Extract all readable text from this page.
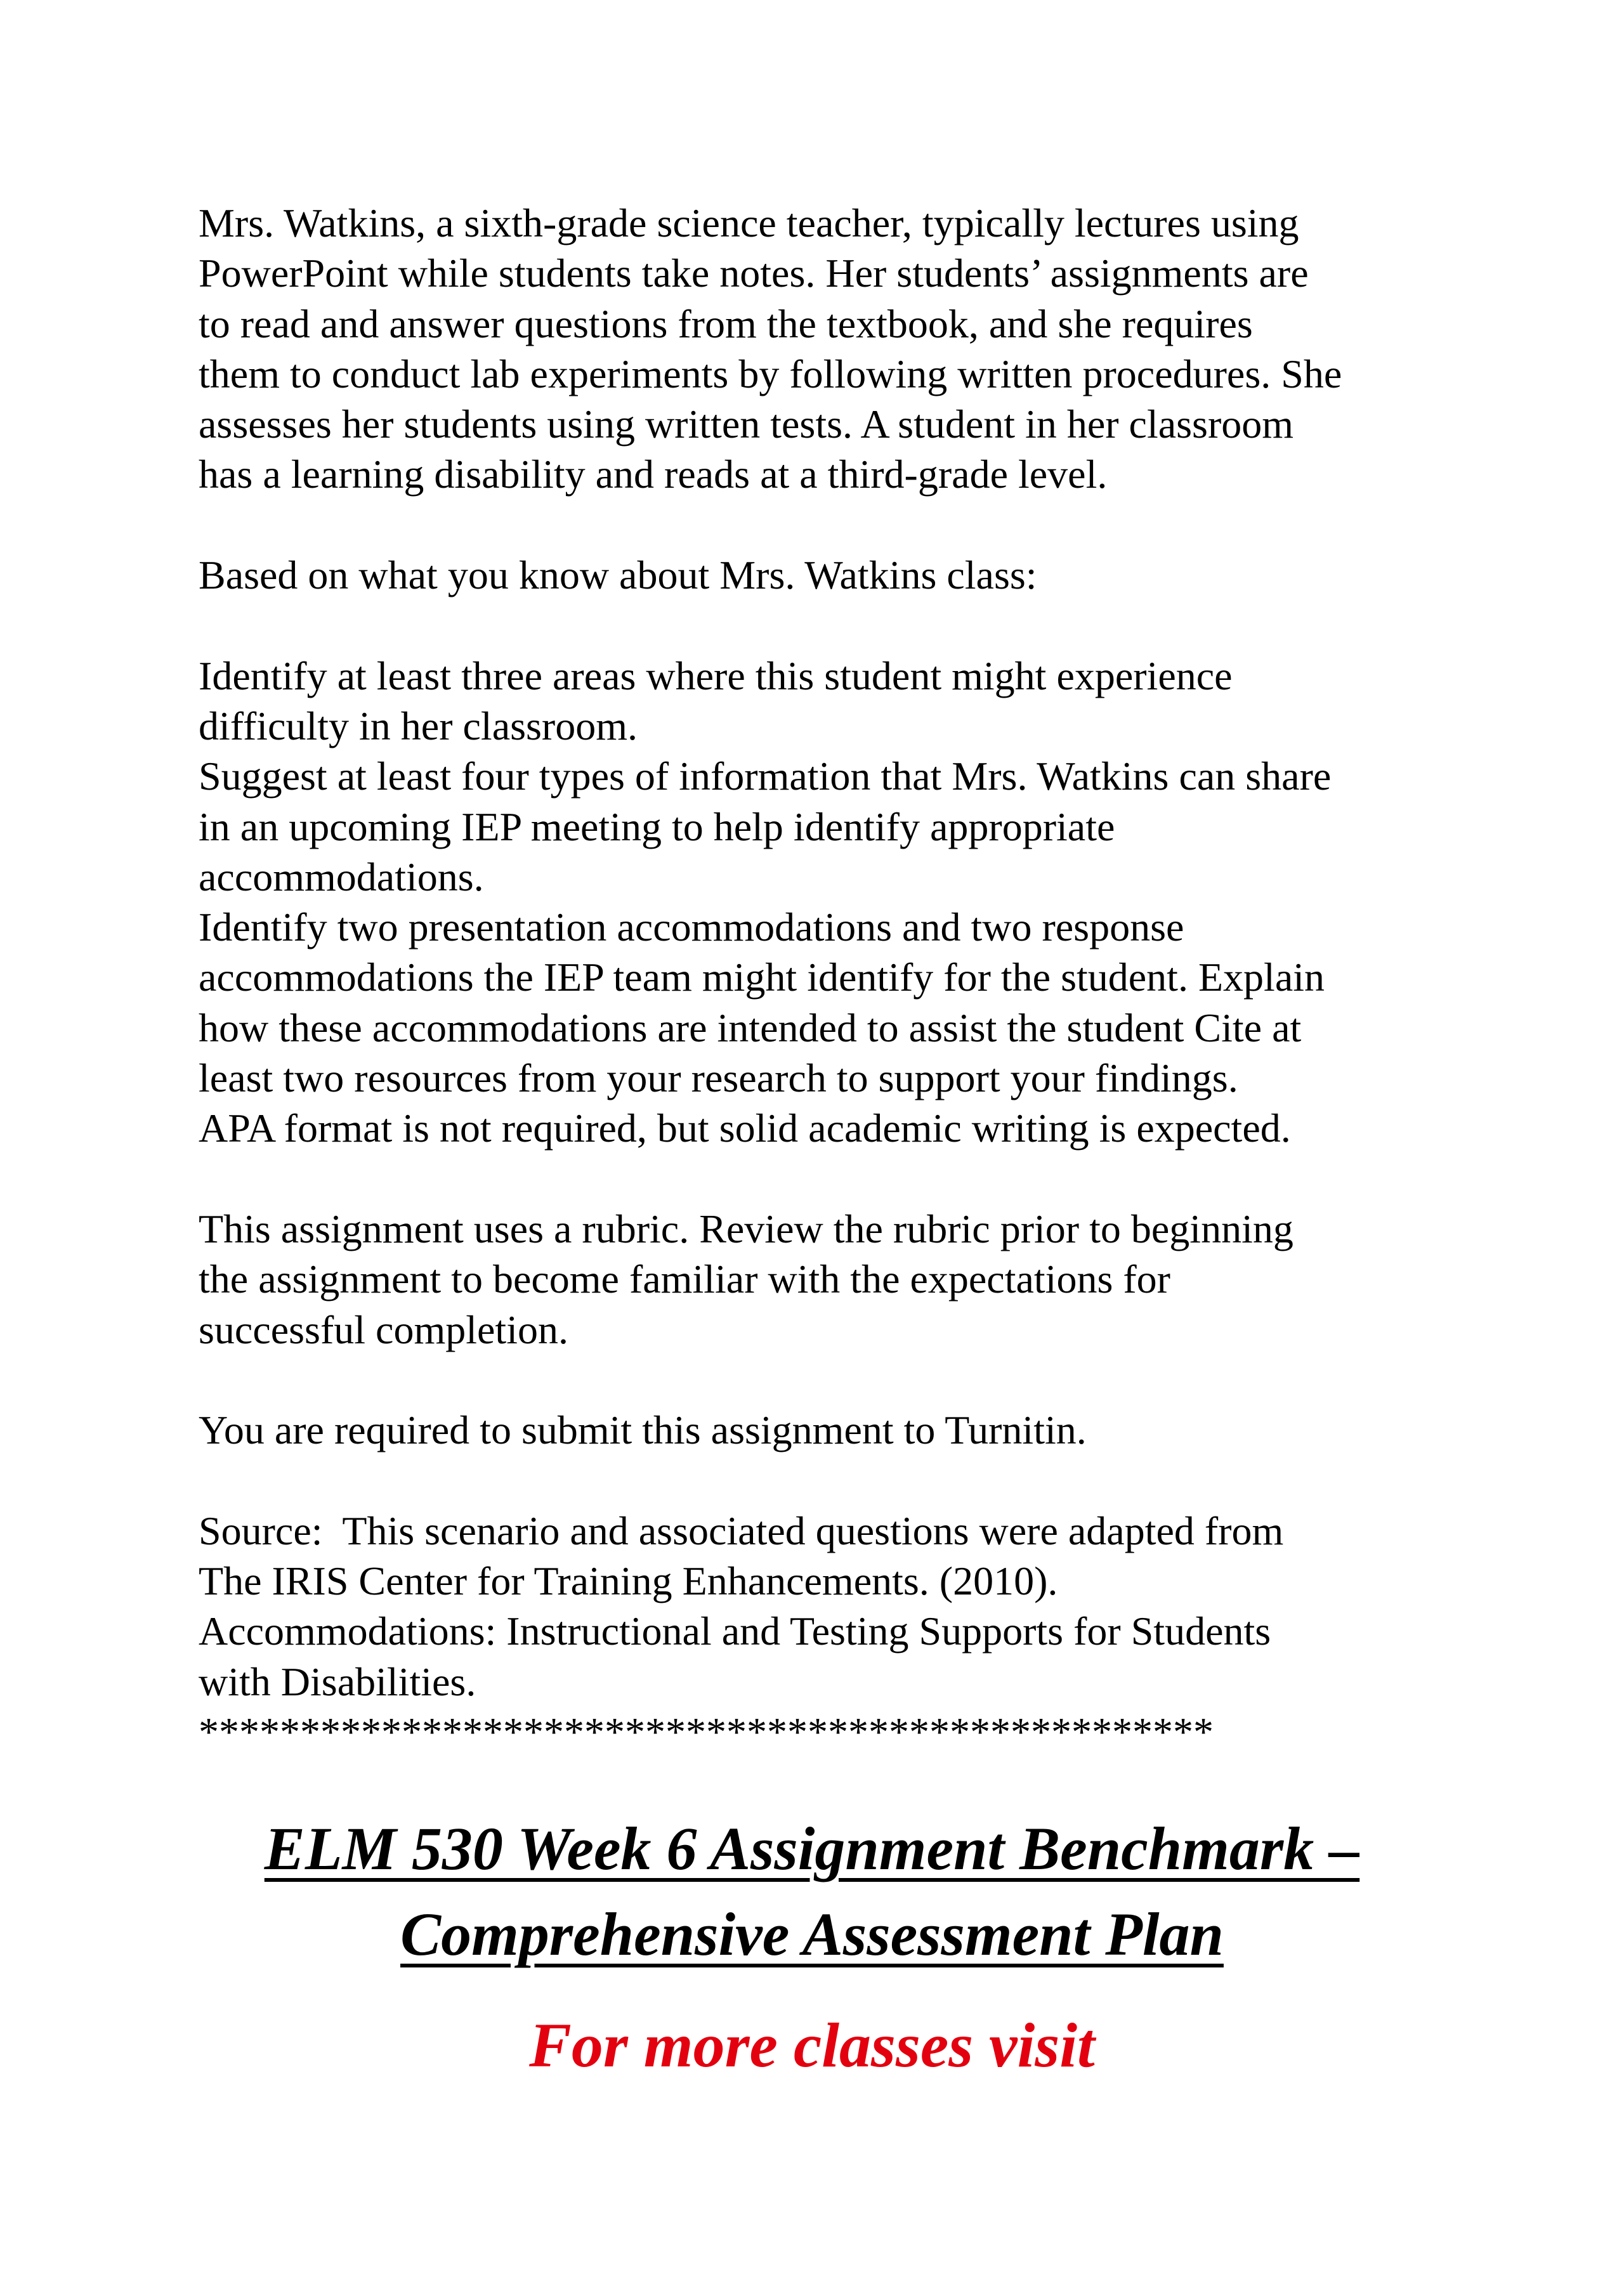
Mrs. Watkins, a sixth-grade science teacher, typically lectures using
PowerPoint while students take notes. Her students’ assignments are
to read and answer questions from the textbook, and she requires
them to conduct lab experiments by following written procedures. She
assesses her students using written tests. A student in her classroom
has a learning disability and reads at a third-grade level.
Based on what you know about Mrs. Watkins class:
Identify at least three areas where this student might experience
difficulty in her classroom.
Suggest at least four types of information that Mrs. Watkins can share
in an upcoming IEP meeting to help identify appropriate
accommodations.
Identify two presentation accommodations and two response
accommodations the IEP team might identify for the student. Explain
how these accommodations are intended to assist the student Cite at
least two resources from your research to support your findings.
APA format is not required, but solid academic writing is expected.
This assignment uses a rubric. Review the rubric prior to beginning
the assignment to become familiar with the expectations for
successful completion.
You are required to submit this assignment to Turnitin.
Source:  This scenario and associated questions were adapted from
The IRIS Center for Training Enhancements. (2010).
Accommodations: Instructional and Testing Supports for Students
with Disabilities.
**************************************************

ELM 530 Week 6 Assignment Benchmark –

Comprehensive Assessment Plan

For more classes visit
